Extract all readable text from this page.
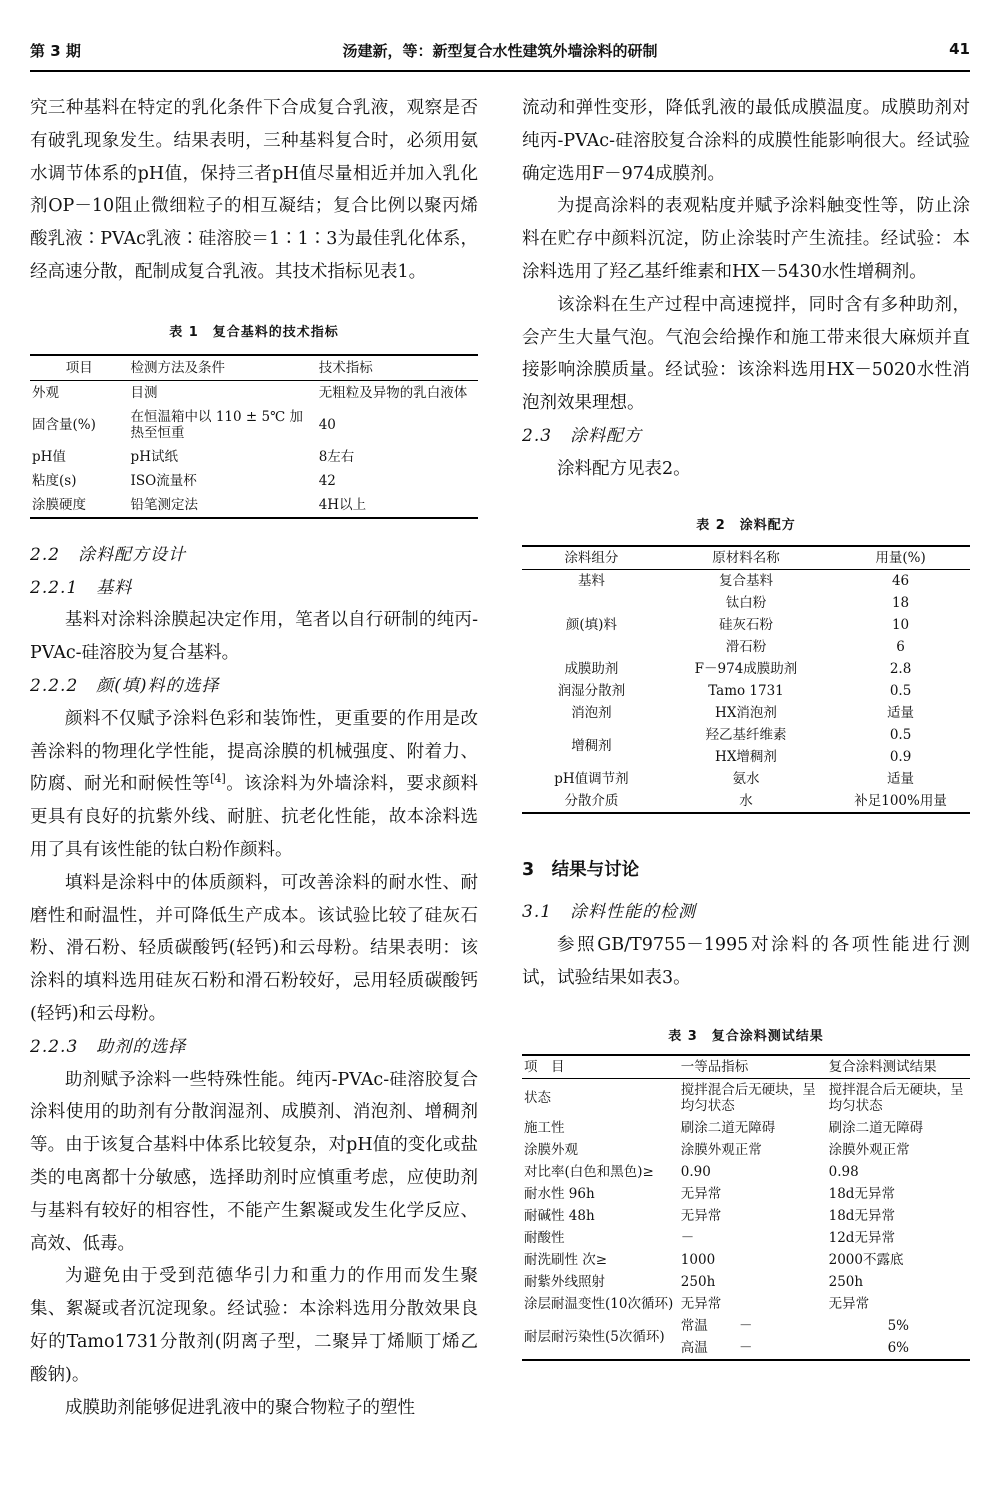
第 3 期	汤建新，等：新型复合水性建筑外墙涂料的研制	41

究三种基料在特定的乳化条件下合成复合乳液，观察是否有破乳现象发生。结果表明，三种基料复合时，必须用氨水调节体系的pH值，保持三者pH值尽量相近并加入乳化剂OP－10阻止微细粒子的相互凝结；复合比例以聚丙烯酸乳液∶PVAc乳液∶硅溶胶＝1∶1∶3为最佳乳化体系，经高速分散，配制成复合乳液。其技术指标见表1。

表 1　复合基料的技术指标
项目	检测方法及条件	技术指标
外观	目测	无粗粒及异物的乳白液体
固含量(%)	在恒温箱中以 110 ± 5℃ 加热至恒重	40
pH值	pH试纸	8左右
粘度(s)	ISO流量杯	42
涂膜硬度	铅笔测定法	4H以上
2.2　涂料配方设计
2.2.1　基料

基料对涂料涂膜起决定作用，笔者以自行研制的纯丙-PVAc-硅溶胶为复合基料。

2.2.2　颜(填)料的选择

颜料不仅赋予涂料色彩和装饰性，更重要的作用是改善涂料的物理化学性能，提高涂膜的机械强度、附着力、防腐、耐光和耐候性等[4]。该涂料为外墙涂料，要求颜料更具有良好的抗紫外线、耐脏、抗老化性能，故本涂料选用了具有该性能的钛白粉作颜料。

填料是涂料中的体质颜料，可改善涂料的耐水性、耐磨性和耐温性，并可降低生产成本。该试验比较了硅灰石粉、滑石粉、轻质碳酸钙(轻钙)和云母粉。结果表明：该涂料的填料选用硅灰石粉和滑石粉较好，忌用轻质碳酸钙(轻钙)和云母粉。

2.2.3　助剂的选择

助剂赋予涂料一些特殊性能。纯丙-PVAc-硅溶胶复合涂料使用的助剂有分散润湿剂、成膜剂、消泡剂、增稠剂等。由于该复合基料中体系比较复杂，对pH值的变化或盐类的电离都十分敏感，选择助剂时应慎重考虑，应使助剂与基料有较好的相容性，不能产生絮凝或发生化学反应、高效、低毒。

为避免由于受到范德华引力和重力的作用而发生聚集、絮凝或者沉淀现象。经试验：本涂料选用分散效果良好的Tamo1731分散剂(阴离子型，二聚异丁烯顺丁烯乙酸钠)。

成膜助剂能够促进乳液中的聚合物粒子的塑性

流动和弹性变形，降低乳液的最低成膜温度。成膜助剂对纯丙-PVAc-硅溶胶复合涂料的成膜性能影响很大。经试验确定选用F－974成膜剂。

为提高涂料的表观粘度并赋予涂料触变性等，防止涂料在贮存中颜料沉淀，防止涂装时产生流挂。经试验：本涂料选用了羟乙基纤维素和HX－5430水性增稠剂。

该涂料在生产过程中高速搅拌，同时含有多种助剂，会产生大量气泡。气泡会给操作和施工带来很大麻烦并直接影响涂膜质量。经试验：该涂料选用HX－5020水性消泡剂效果理想。

2.3　涂料配方

涂料配方见表2。

表 2　涂料配方
涂料组分	原材料名称	用量(%)
基料	复合基料	46
颜(填)料	钛白粉	18
	硅灰石粉	10
	滑石粉	6
成膜助剂	F－974成膜助剂	2.8
润湿分散剂	Tamo 1731	0.5
消泡剂	HX消泡剂	适量
增稠剂	羟乙基纤维素	0.5
	HX增稠剂	0.9
pH值调节剂	氨水	适量
分散介质	水	补足100%用量
3　结果与讨论
3.1　涂料性能的检测

参照GB/T9755－1995对涂料的各项性能进行测试，试验结果如表3。

表 3　复合涂料测试结果
项　目	一等品指标		复合涂料测试结果
状态	搅拌混合后无硬块，呈均匀状态		搅拌混合后无硬块，呈均匀状态
施工性	刷涂二道无障碍		刷涂二道无障碍
涂膜外观	涂膜外观正常		涂膜外观正常
对比率(白色和黑色)≥	0.90		0.98
耐水性 96h	无异常		18d无异常
耐碱性 48h	无异常		18d无异常
耐酸性	－		12d无异常
耐洗刷性 次≥	1000		2000不露底
耐紫外线照射	250h		250h
涂层耐温变性(10次循环)	无异常		无异常
耐层耐污染性(5次循环)	常温	－	5%
	高温	－	6%
